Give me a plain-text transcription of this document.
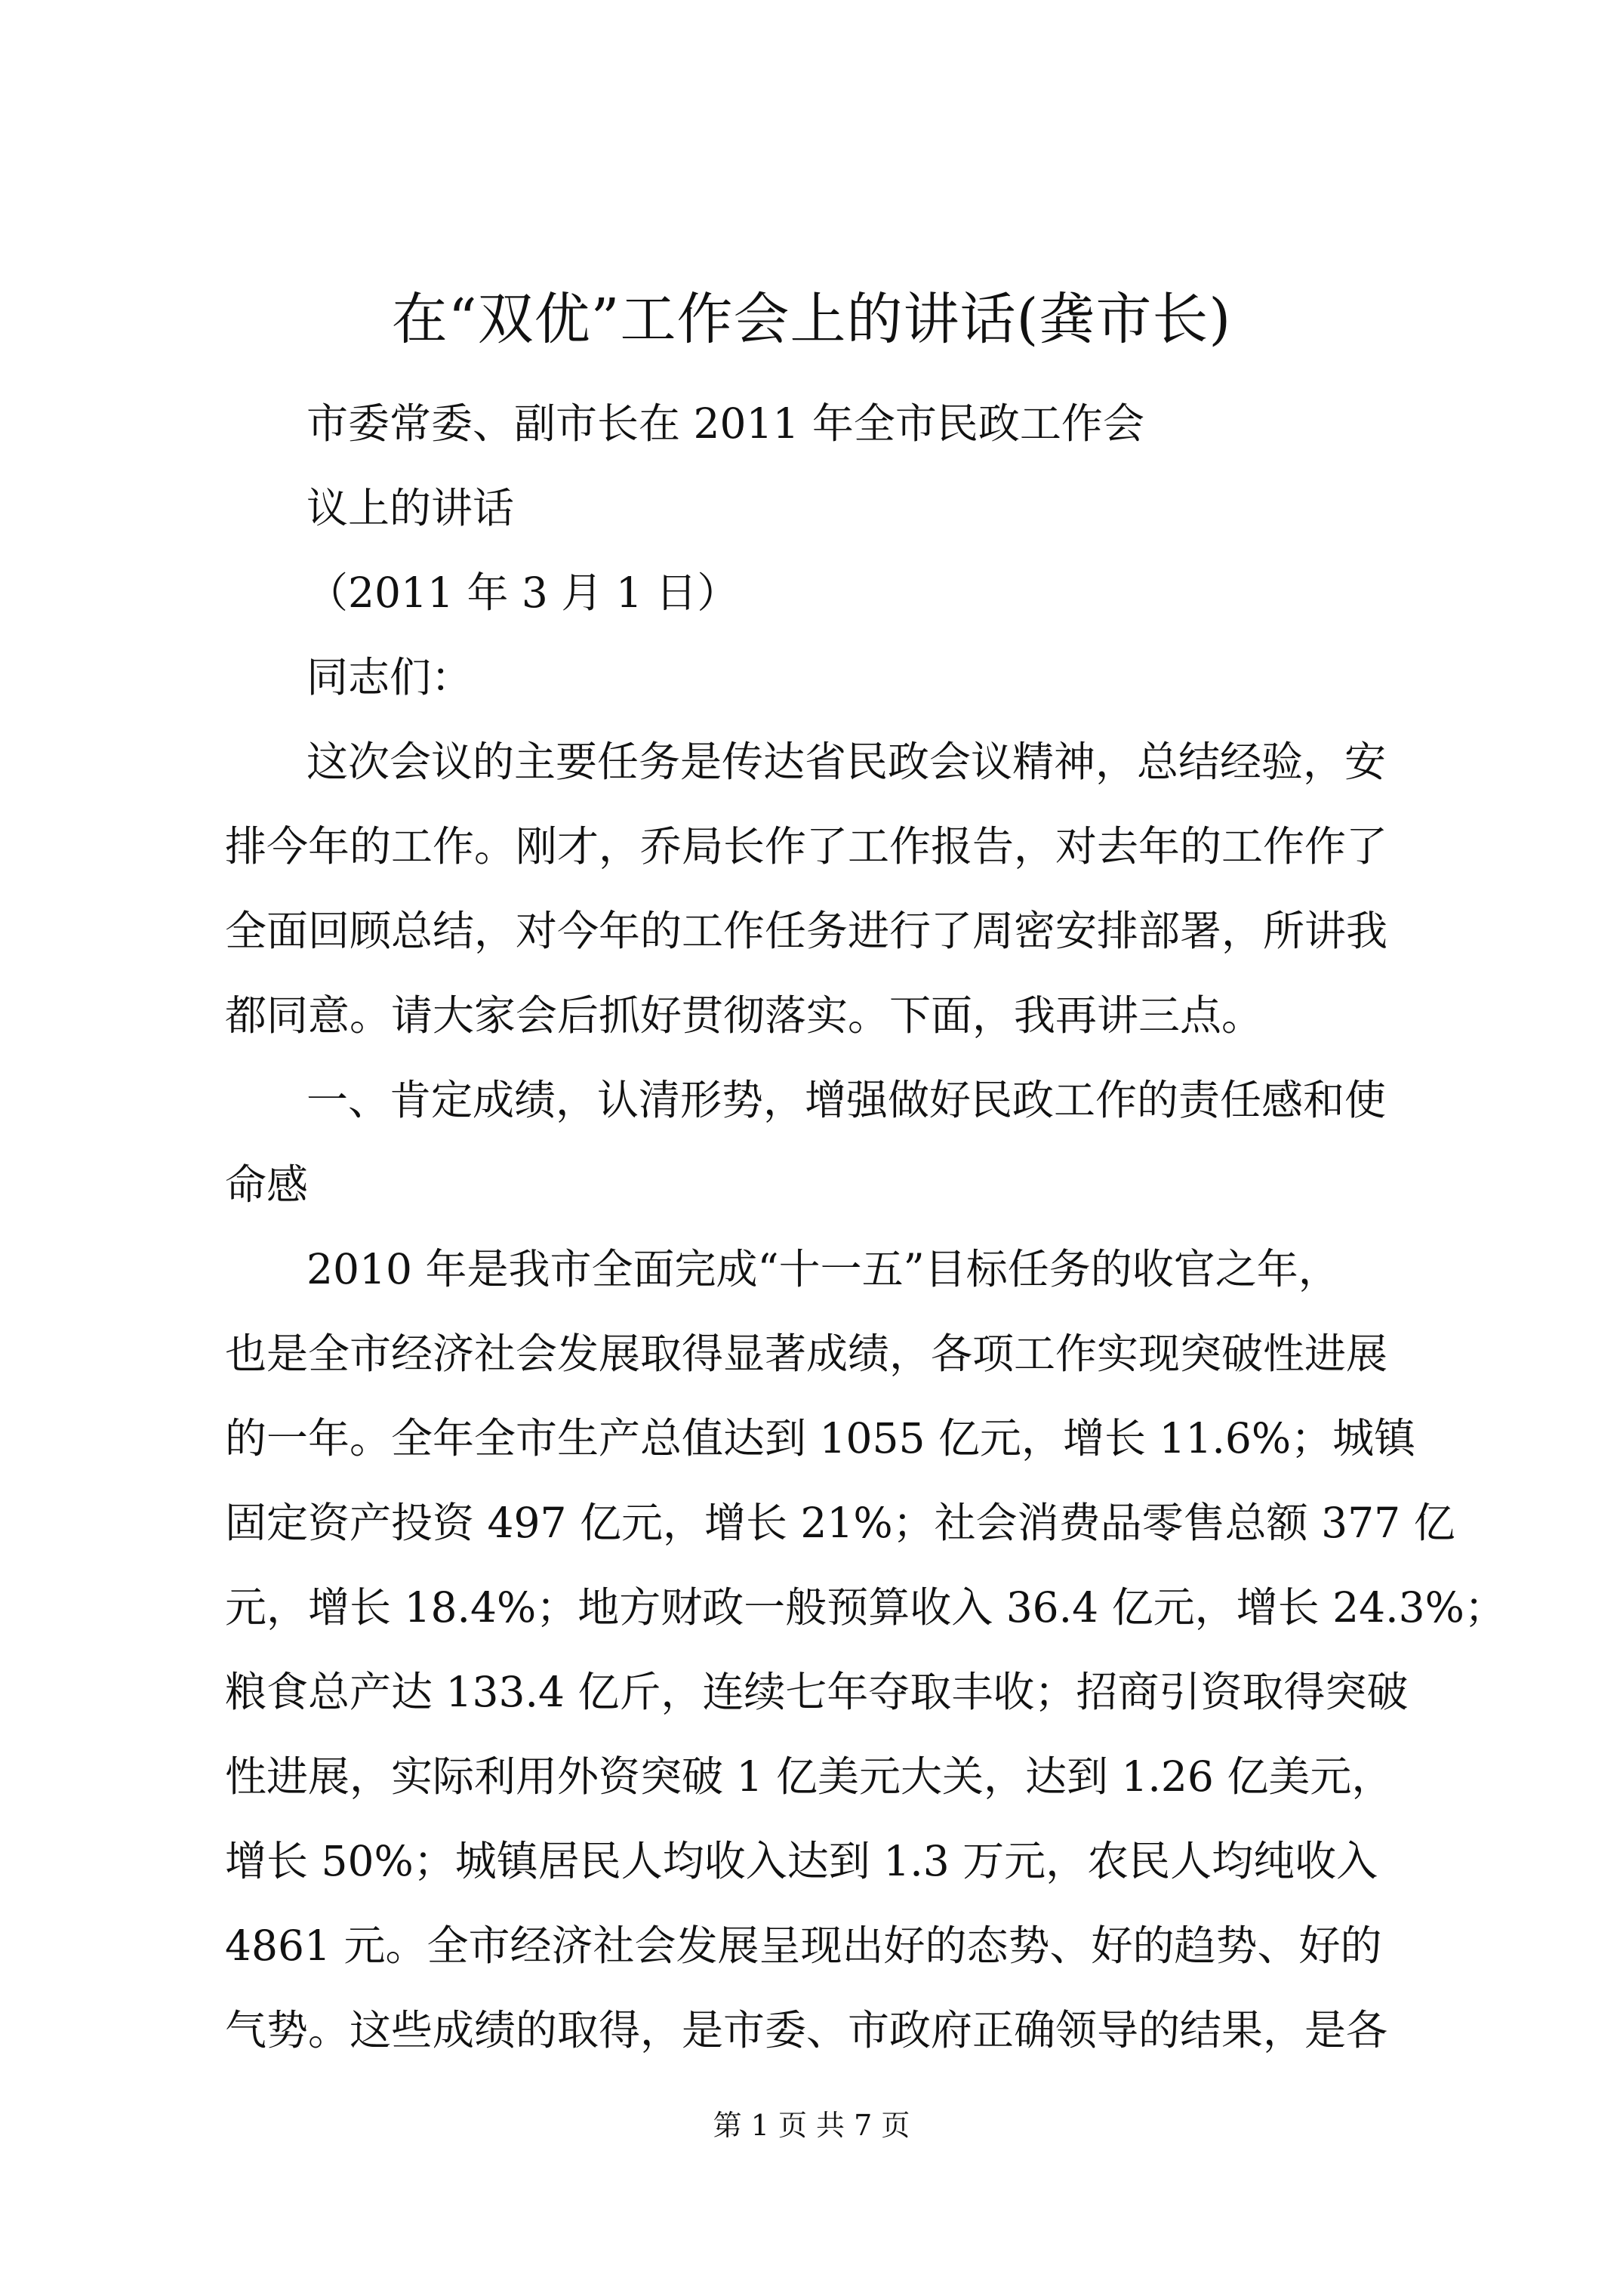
在“双优”工作会上的讲话(龚市长)

市委常委、副市长在 2011 年全市民政工作会

议上的讲话

（2011 年 3 月 1 日）

同志们：

这次会议的主要任务是传达省民政会议精神，总结经验，安

排今年的工作。刚才，乔局长作了工作报告，对去年的工作作了

全面回顾总结，对今年的工作任务进行了周密安排部署，所讲我

都同意。请大家会后抓好贯彻落实。下面，我再讲三点。

一、肯定成绩，认清形势，增强做好民政工作的责任感和使

命感

2010 年是我市全面完成“十一五”目标任务的收官之年，

也是全市经济社会发展取得显著成绩，各项工作实现突破性进展

的一年。全年全市生产总值达到 1055 亿元，增长 11.6%；城镇

固定资产投资 497 亿元，增长 21%；社会消费品零售总额 377 亿

元，增长 18.4%；地方财政一般预算收入 36.4 亿元，增长 24.3%；

粮食总产达 133.4 亿斤，连续七年夺取丰收；招商引资取得突破

性进展，实际利用外资突破 1 亿美元大关，达到 1.26 亿美元，

增长 50%；城镇居民人均收入达到 1.3 万元，农民人均纯收入

4861 元。全市经济社会发展呈现出好的态势、好的趋势、好的

气势。这些成绩的取得，是市委、市政府正确领导的结果，是各

第 1 页 共 7 页
